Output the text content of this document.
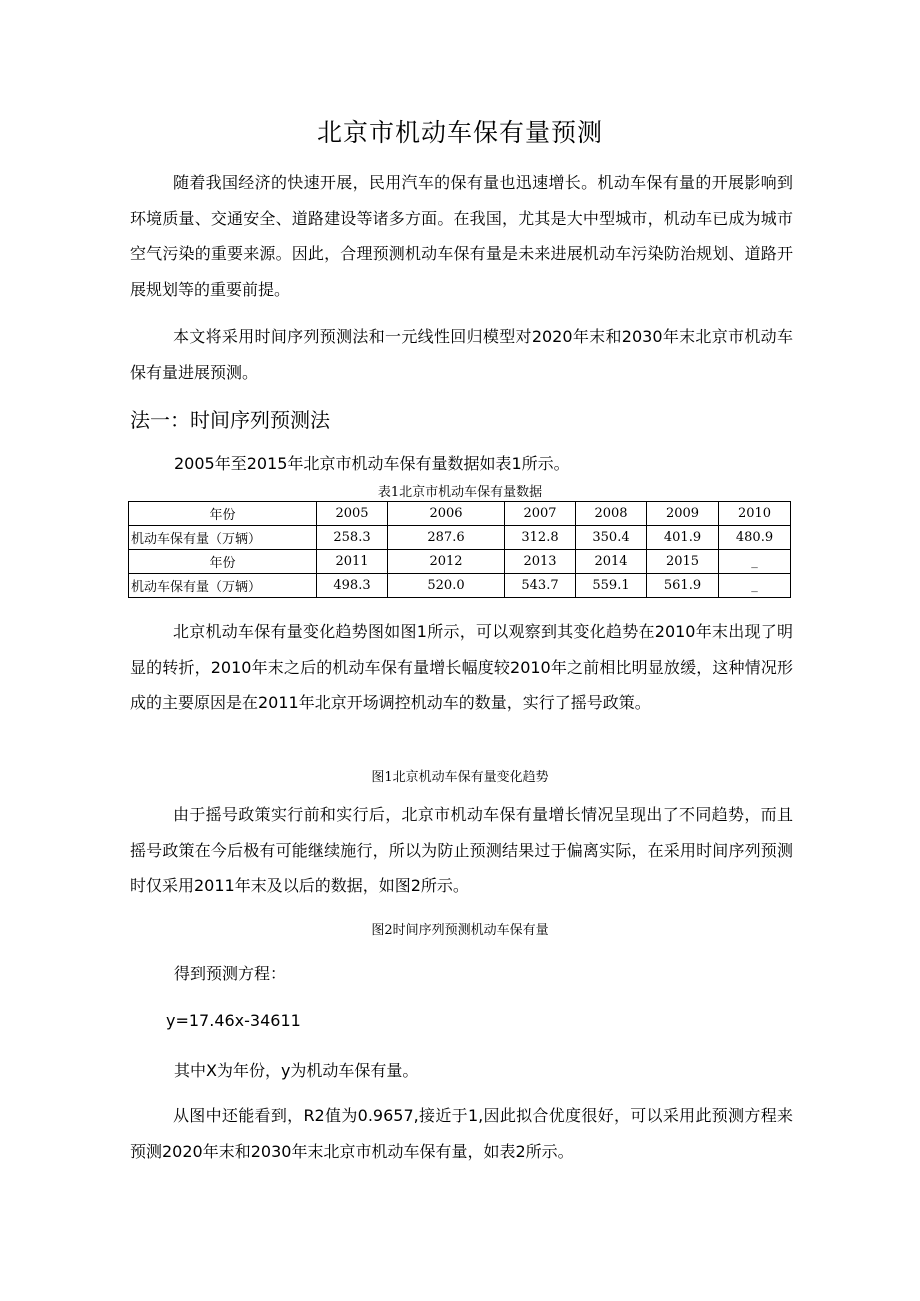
北京市机动车保有量预测

随着我国经济的快速开展，民用汽车的保有量也迅速增长。机动车保有量的开展影响到环境质量、交通安全、道路建设等诸多方面。在我国，尤其是大中型城市，机动车已成为城市空气污染的重要来源。因此，合理预测机动车保有量是未来进展机动车污染防治规划、道路开展规划等的重要前提。

本文将采用时间序列预测法和一元线性回归模型对2020年末和2030年末北京市机动车保有量进展预测。

法一：时间序列预测法

2005年至2015年北京市机动车保有量数据如表1所示。

表1北京市机动车保有量数据

年份	2005	2006	2007	2008	2009	2010
机动车保有量（万辆）	258.3	287.6	312.8	350.4	401.9	480.9
年份	2011	2012	2013	2014	2015	_
机动车保有量（万辆）	498.3	520.0	543.7	559.1	561.9	_

北京机动车保有量变化趋势图如图1所示，可以观察到其变化趋势在2010年末出现了明显的转折，2010年末之后的机动车保有量增长幅度较2010年之前相比明显放缓，这种情况形成的主要原因是在2011年北京开场调控机动车的数量，实行了摇号政策。

图1北京机动车保有量变化趋势

由于摇号政策实行前和实行后，北京市机动车保有量增长情况呈现出了不同趋势，而且摇号政策在今后极有可能继续施行，所以为防止预测结果过于偏离实际，在采用时间序列预测时仅采用2011年末及以后的数据，如图2所示。

图2时间序列预测机动车保有量

得到预测方程：

y=17.46x-34611

其中X为年份，y为机动车保有量。

从图中还能看到，R2值为0.9657,接近于1,因此拟合优度很好，可以采用此预测方程来预测2020年末和2030年末北京市机动车保有量，如表2所示。
